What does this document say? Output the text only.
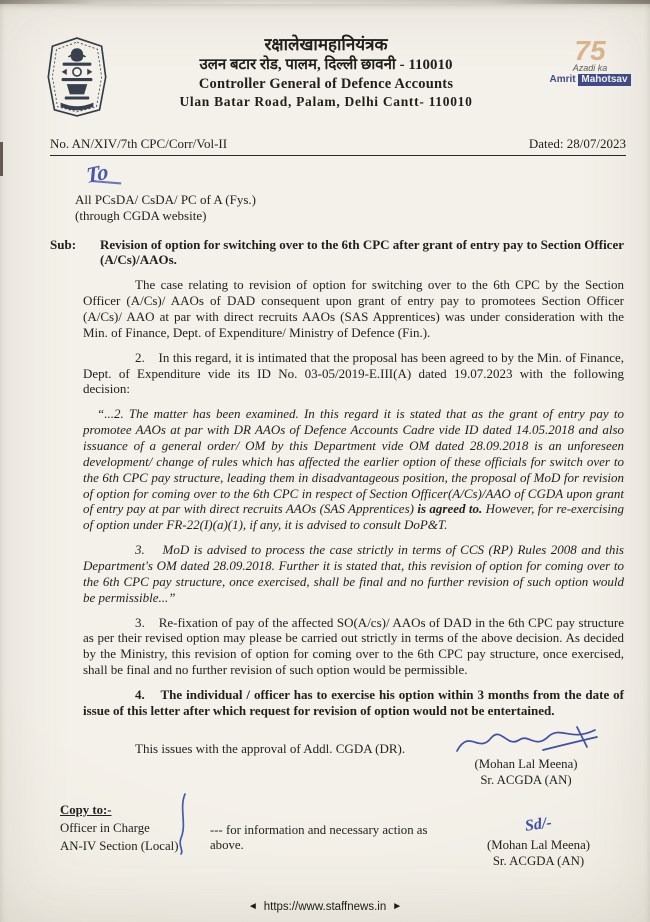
रक्षालेखामहानियंत्रक
उलन बटार रोड, पालम, दिल्ली छावनी - 110010
Controller General of Defence Accounts
Ulan Batar Road, Palam, Delhi Cantt- 110010
75
Azadi ka
Amrit Mahotsav
No. AN/XIV/7th CPC/Corr/Vol-II	Dated: 28/07/2023
To
All PCsDA/ CsDA/ PC of A (Fys.)
(through CGDA website)
Sub:	Revision of option for switching over to the 6th CPC after grant of entry pay to Section Officer (A/Cs)/AAOs.

The case relating to revision of option for switching over to the 6th CPC by the Section Officer (A/Cs)/ AAOs of DAD consequent upon grant of entry pay to promotees Section Officer (A/Cs)/ AAO at par with direct recruits AAOs (SAS Apprentices) was under consideration with the Min. of Finance, Dept. of Expenditure/ Ministry of Defence (Fin.).

2.    In this regard, it is intimated that the proposal has been agreed to by the Min. of Finance, Dept. of Expenditure vide its ID No. 03-05/2019-E.III(A) dated 19.07.2023 with the following decision:

“...2. The matter has been examined. In this regard it is stated that as the grant of entry pay to promotee AAOs at par with DR AAOs of Defence Accounts Cadre vide ID dated 14.05.2018 and also issuance of a general order/ OM by this Department vide OM dated 28.09.2018 is an unforeseen development/ change of rules which has affected the earlier option of these officials for switch over to the 6th CPC pay structure, leading them in disadvantageous position, the proposal of MoD for revision of option for coming over to the 6th CPC in respect of Section Officer(A/Cs)/AAO of CGDA upon grant of entry pay at par with direct recruits AAOs (SAS Apprentices) is agreed to. However, for re-exercising of option under FR-22(I)(a)(1), if any, it is advised to consult DoP&T.

3.    MoD is advised to process the case strictly in terms of CCS (RP) Rules 2008 and this Department's OM dated 28.09.2018. Further it is stated that, this revision of option for coming over to the 6th CPC pay structure, once exercised, shall be final and no further revision of such option would be permissible...”

3.    Re-fixation of pay of the affected SO(A/cs)/ AAOs of DAD in the 6th CPC pay structure as per their revised option may please be carried out strictly in terms of the above decision. As decided by the Ministry, this revision of option for coming over to the 6th CPC pay structure, once exercised, shall be final and no further revision of such option would be permissible.

4.    The individual / officer has to exercise his option within 3 months from the date of issue of this letter after which request for revision of option would not be entertained.

This issues with the approval of Addl. CGDA (DR).

(Mohan Lal Meena)
Sr. ACGDA (AN)
Copy to:-
Officer in Charge
AN-IV Section (Local)
--- for information and necessary action as above.
Sd/-
(Mohan Lal Meena)
Sr. ACGDA (AN)
◄ https://www.staffnews.in ►
